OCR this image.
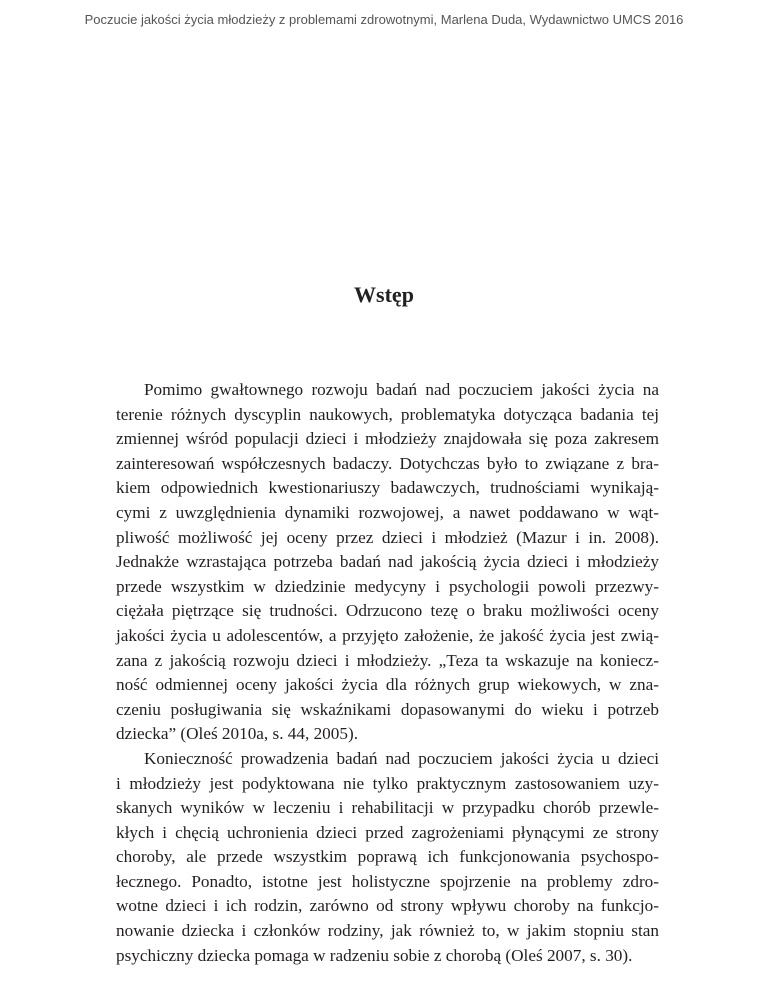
Poczucie jakości życia młodzieży z problemami zdrowotnymi, Marlena Duda, Wydawnictwo UMCS 2016
Wstęp
Pomimo gwałtownego rozwoju badań nad poczuciem jakości życia na
terenie różnych dyscyplin naukowych, problematyka dotycząca badania tej
zmiennej wśród populacji dzieci i młodzieży znajdowała się poza zakresem
zainteresowań współczesnych badaczy. Dotychczas było to związane z bra-
kiem odpowiednich kwestionariuszy badawczych, trudnościami wynikają-
cymi z uwzględnienia dynamiki rozwojowej, a nawet poddawano w wąt-
pliwość możliwość jej oceny przez dzieci i młodzież (Mazur i in. 2008).
Jednakże wzrastająca potrzeba badań nad jakością życia dzieci i młodzieży
przede wszystkim w dziedzinie medycyny i psychologii powoli przezwy-
ciężała piętrzące się trudności. Odrzucono tezę o braku możliwości oceny
jakości życia u adolescentów, a przyjęto założenie, że jakość życia jest zwią-
zana z jakością rozwoju dzieci i młodzieży. „Teza ta wskazuje na koniecz-
ność odmiennej oceny jakości życia dla różnych grup wiekowych, w zna-
czeniu posługiwania się wskaźnikami dopasowanymi do wieku i potrzeb
dziecka” (Oleś 2010a, s. 44, 2005).
Konieczność prowadzenia badań nad poczuciem jakości życia u dzieci
i młodzieży jest podyktowana nie tylko praktycznym zastosowaniem uzy-
skanych wyników w leczeniu i rehabilitacji w przypadku chorób przewle-
kłych i chęcią uchronienia dzieci przed zagrożeniami płynącymi ze strony
choroby, ale przede wszystkim poprawą ich funkcjonowania psychospo-
łecznego. Ponadto, istotne jest holistyczne spojrzenie na problemy zdro-
wotne dzieci i ich rodzin, zarówno od strony wpływu choroby na funkcjo-
nowanie dziecka i członków rodziny, jak również to, w jakim stopniu stan
psychiczny dziecka pomaga w radzeniu sobie z chorobą (Oleś 2007, s. 30).
